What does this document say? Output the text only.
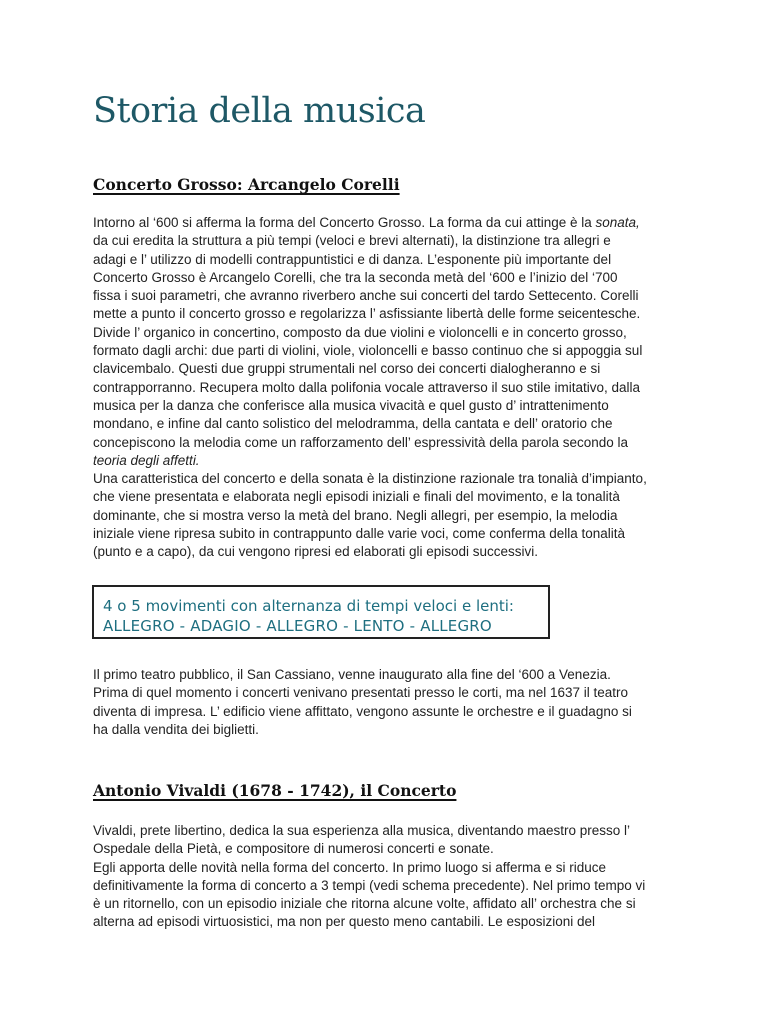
Storia della musica
Concerto Grosso: Arcangelo Corelli

Intorno al ‘600 si afferma la forma del Concerto Grosso. La forma da cui attinge è la sonata,
da cui eredita la struttura a più tempi (veloci e brevi alternati), la distinzione tra allegri e
adagi e l’ utilizzo di modelli contrappuntistici e di danza. L’esponente più importante del
Concerto Grosso è Arcangelo Corelli, che tra la seconda metà del ‘600 e l’inizio del ‘700
fissa i suoi parametri, che avranno riverbero anche sui concerti del tardo Settecento. Corelli
mette a punto il concerto grosso e regolarizza l’ asfissiante libertà delle forme seicentesche.
Divide l’ organico in concertino, composto da due violini e violoncelli e in concerto grosso,
formato dagli archi: due parti di violini, viole, violoncelli e basso continuo che si appoggia sul
clavicembalo. Questi due gruppi strumentali nel corso dei concerti dialogheranno e si
contrapporranno. Recupera molto dalla polifonia vocale attraverso il suo stile imitativo, dalla
musica per la danza che conferisce alla musica vivacità e quel gusto d’ intrattenimento
mondano, e infine dal canto solistico del melodramma, della cantata e dell’ oratorio che
concepiscono la melodia come un rafforzamento dell’ espressività della parola secondo la
teoria degli affetti.
Una caratteristica del concerto e della sonata è la distinzione razionale tra tonalià d’impianto,
che viene presentata e elaborata negli episodi iniziali e finali del movimento, e la tonalità
dominante, che si mostra verso la metà del brano. Negli allegri, per esempio, la melodia
iniziale viene ripresa subito in contrappunto dalle varie voci, come conferma della tonalità
(punto e a capo), da cui vengono ripresi ed elaborati gli episodi successivi.

4 o 5 movimenti con alternanza di tempi veloci e lenti:
ALLEGRO - ADAGIO - ALLEGRO - LENTO - ALLEGRO

Il primo teatro pubblico, il San Cassiano, venne inaugurato alla fine del ‘600 a Venezia.
Prima di quel momento i concerti venivano presentati presso le corti, ma nel 1637 il teatro
diventa di impresa. L’ edificio viene affittato, vengono assunte le orchestre e il guadagno si
ha dalla vendita dei biglietti.

Antonio Vivaldi (1678 - 1742), il Concerto

Vivaldi, prete libertino, dedica la sua esperienza alla musica, diventando maestro presso l’
Ospedale della Pietà, e compositore di numerosi concerti e sonate.
Egli apporta delle novità nella forma del concerto. In primo luogo si afferma e si riduce
definitivamente la forma di concerto a 3 tempi (vedi schema precedente). Nel primo tempo vi
è un ritornello, con un episodio iniziale che ritorna alcune volte, affidato all’ orchestra che si
alterna ad episodi virtuosistici, ma non per questo meno cantabili. Le esposizioni del
